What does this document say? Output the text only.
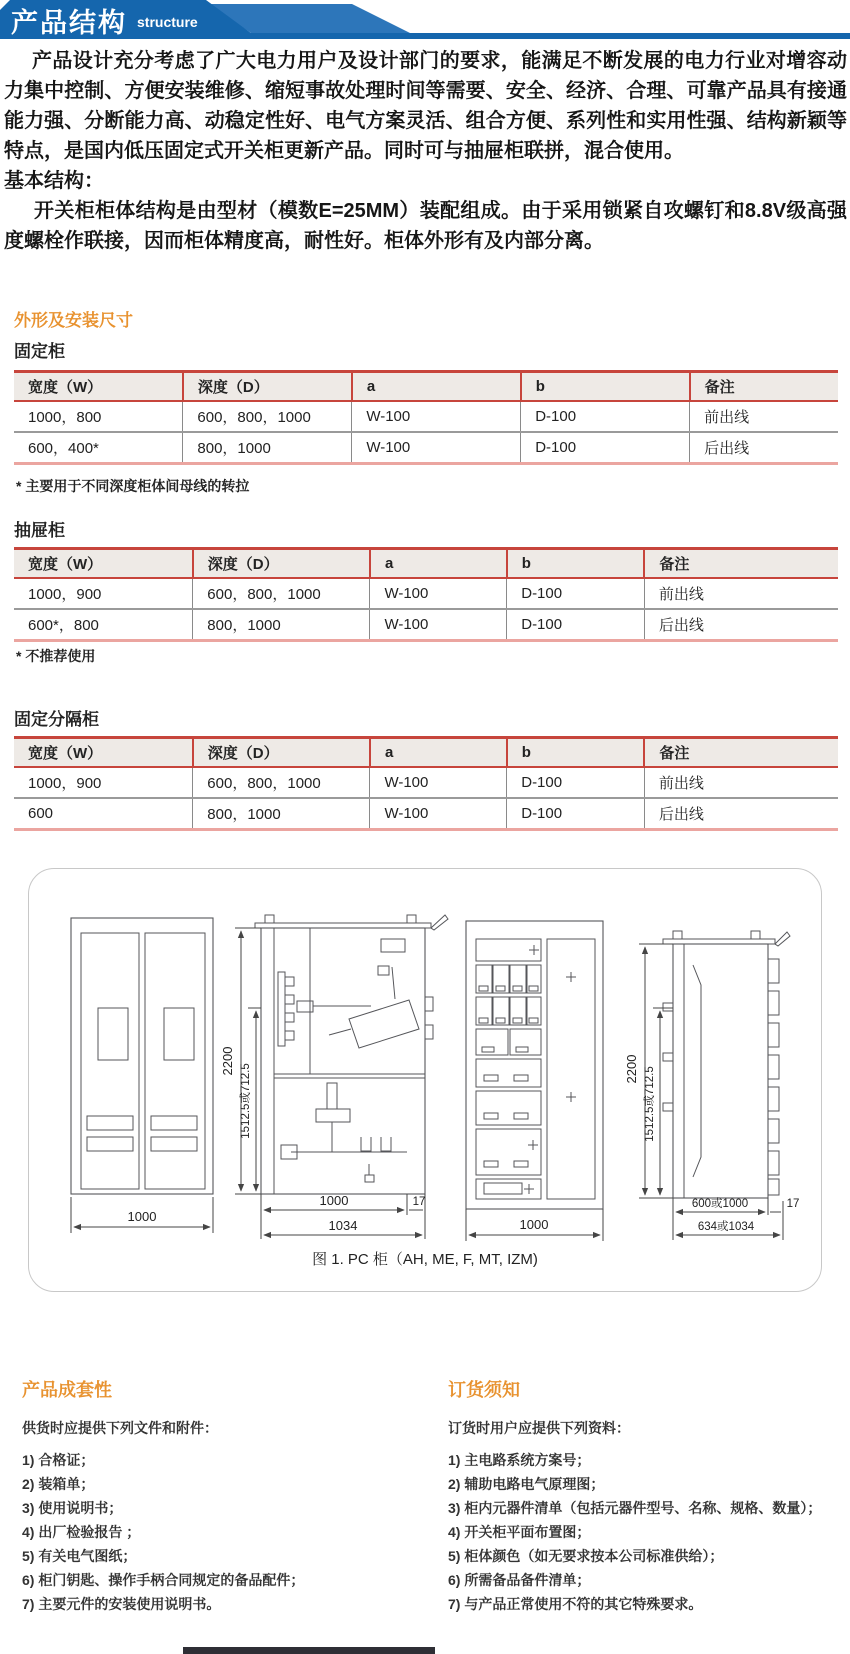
产品结构 structure

产品设计充分考虑了广大电力用户及设计部门的要求，能满足不断发展的电力行业对增容动力集中控制、方便安装维修、缩短事故处理时间等需要、安全、经济、合理、可靠产品具有接通能力强、分断能力高、动稳定性好、电气方案灵活、组合方便、系列性和实用性强、结构新颖等特点，是国内低压固定式开关柜更新产品。同时可与抽屉柜联拼，混合使用。

基本结构：

开关柜柜体结构是由型材（模数E=25MM）装配组成。由于采用锁紧自攻螺钉和8.8V级高强度螺栓作联接，因而柜体精度高，耐性好。柜体外形有及内部分离。

外形及安装尺寸
固定柜
宽度（W）	深度（D）	a	b	备注
1000，800	600，800，1000	W-100	D-100	前出线
600，400*	800，1000	W-100	D-100	后出线
* 主要用于不同深度柜体间母线的转拉
抽屉柜
宽度（W）	深度（D）	a	b	备注
1000，900	600，800，1000	W-100	D-100	前出线
600*，800	800，1000	W-100	D-100	后出线
* 不推荐使用
固定分隔柜
宽度（W）	深度（D）	a	b	备注
1000，900	600，800，1000	W-100	D-100	前出线
600	800，1000	W-100	D-100	后出线
1000
2200
1512.5或712.5
1000	17
1034	1000
2200 1512.5或712.5
600或1000	17
634或1034
图 1. PC 柜（AH, ME, F, MT, IZM)
产品成套性
供货时应提供下列文件和附件：
1) 合格证；
2) 装箱单；
3) 使用说明书；
4) 出厂检验报告 ；
5) 有关电气图纸；
6) 柜门钥匙、操作手柄合同规定的备品配件；
7) 主要元件的安装使用说明书。
订货须知
订货时用户应提供下列资料：
1) 主电路系统方案号；
2) 辅助电路电气原理图；
3) 柜内元器件清单（包括元器件型号、名称、规格、数量）；
4) 开关柜平面布置图；
5) 柜体颜色（如无要求按本公司标准供给）；
6) 所需备品备件清单；
7) 与产品正常使用不符的其它特殊要求。
